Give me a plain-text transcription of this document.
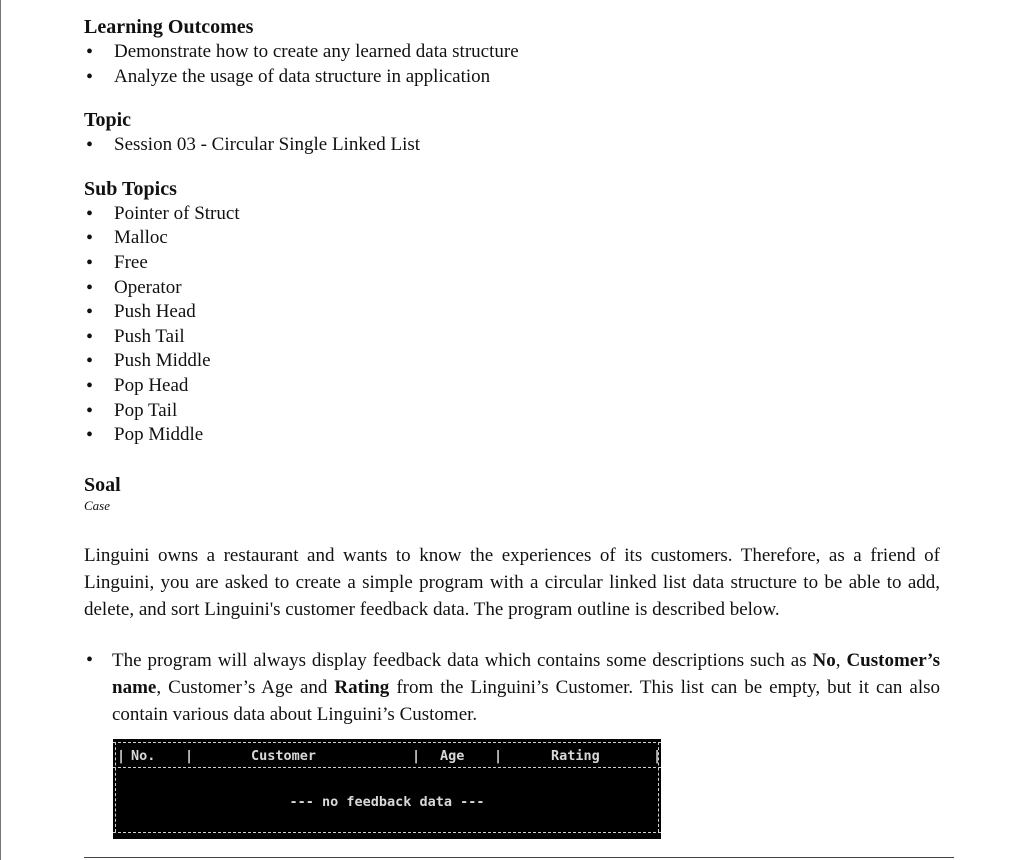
Learning Outcomes

• Demonstrate how to create any learned data structure
• Analyze the usage of data structure in application

Topic

• Session 03 - Circular Single Linked List

Sub Topics

• Pointer of Struct
• Malloc
• Free
• Operator
• Push Head
• Push Tail
• Push Middle
• Pop Head
• Pop Tail
• Pop Middle

Soal

Case

Linguini owns a restaurant and wants to know the experiences of its customers. Therefore, as a friend of Linguini, you are asked to create a simple program with a circular linked list data structure to be able to add, delete, and sort Linguini's customer feedback data. The program outline is described below.

• The program will always display feedback data which contains some descriptions such as No, Customer’s name, Customer’s Age and Rating from the Linguini’s Customer. This list can be empty, but it can also contain various data about Linguini’s Customer.
| No. |	Customer	| Age |	Rating	|
--- no feedback data ---
